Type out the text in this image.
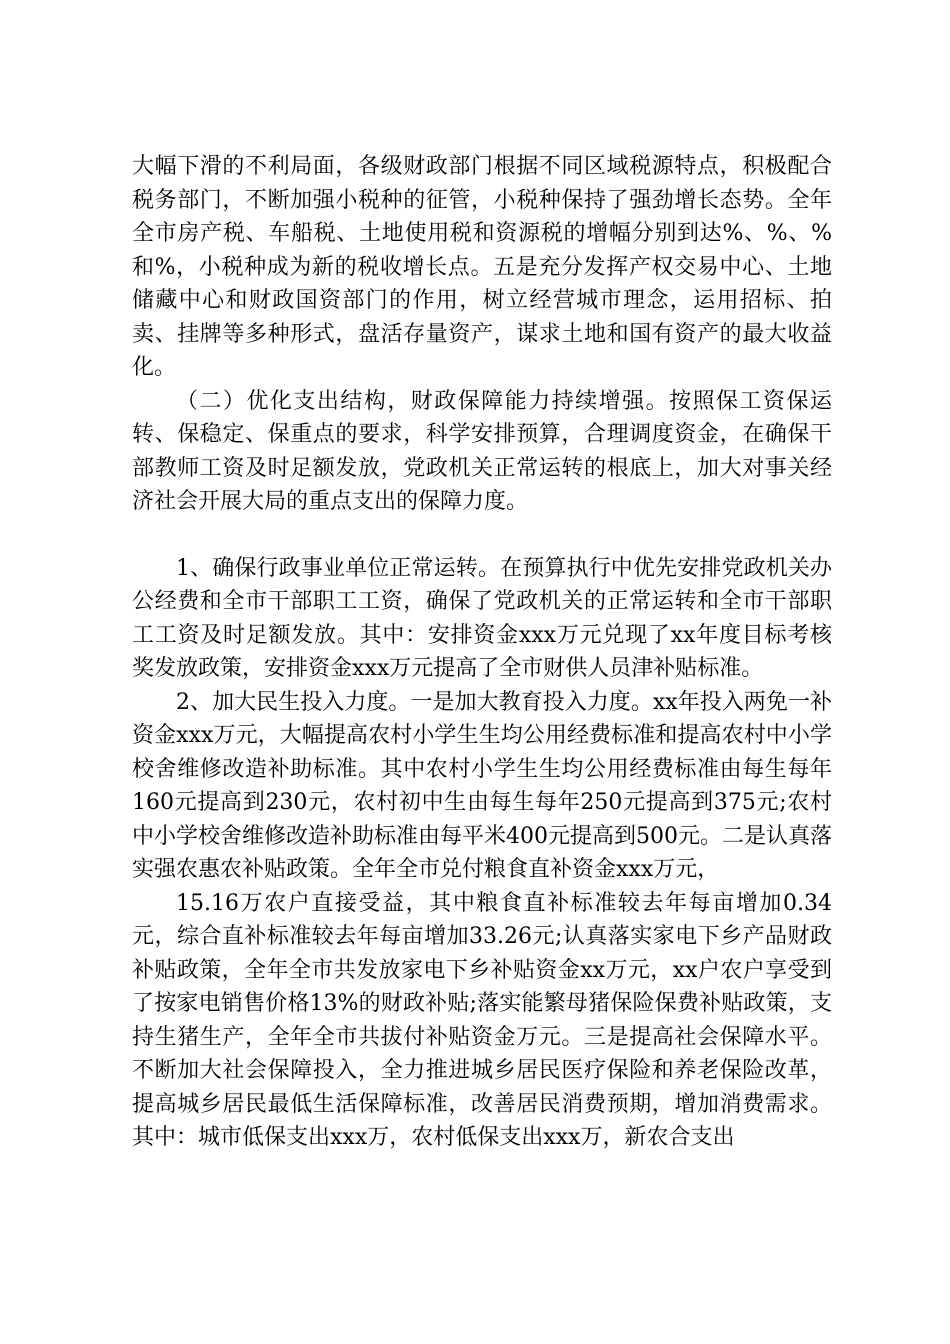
大幅下滑的不利局面，各级财政部门根据不同区域税源特点，积极配合税务部门，不断加强小税种的征管，小税种保持了强劲增长态势。全年全市房产税、车船税、土地使用税和资源税的增幅分别到达%、%、%和%，小税种成为新的税收增长点。五是充分发挥产权交易中心、土地储藏中心和财政国资部门的作用，树立经营城市理念，运用招标、拍卖、挂牌等多种形式，盘活存量资产，谋求土地和国有资产的最大收益化。

（二）优化支出结构，财政保障能力持续增强。按照保工资保运转、保稳定、保重点的要求，科学安排预算，合理调度资金，在确保干部教师工资及时足额发放，党政机关正常运转的根底上，加大对事关经济社会开展大局的重点支出的保障力度。

1、确保行政事业单位正常运转。在预算执行中优先安排党政机关办公经费和全市干部职工工资，确保了党政机关的正常运转和全市干部职工工资及时足额发放。其中：安排资金xxx万元兑现了xx年度目标考核奖发放政策，安排资金xxx万元提高了全市财供人员津补贴标准。

2、加大民生投入力度。一是加大教育投入力度。xx年投入两免一补资金xxx万元，大幅提高农村小学生生均公用经费标准和提高农村中小学校舍维修改造补助标准。其中农村小学生生均公用经费标准由每生每年160元提高到230元，农村初中生由每生每年250元提高到375元;农村中小学校舍维修改造补助标准由每平米400元提高到500元。二是认真落实强农惠农补贴政策。全年全市兑付粮食直补资金xxx万元，

15.16万农户直接受益，其中粮食直补标准较去年每亩增加0.34元，综合直补标准较去年每亩增加33.26元;认真落实家电下乡产品财政补贴政策，全年全市共发放家电下乡补贴资金xx万元，xx户农户享受到了按家电销售价格13%的财政补贴;落实能繁母猪保险保费补贴政策，支持生猪生产，全年全市共拔付补贴资金万元。三是提高社会保障水平。不断加大社会保障投入，全力推进城乡居民医疗保险和养老保险改革，提高城乡居民最低生活保障标准，改善居民消费预期，增加消费需求。其中：城市低保支出xxx万，农村低保支出xxx万，新农合支出
